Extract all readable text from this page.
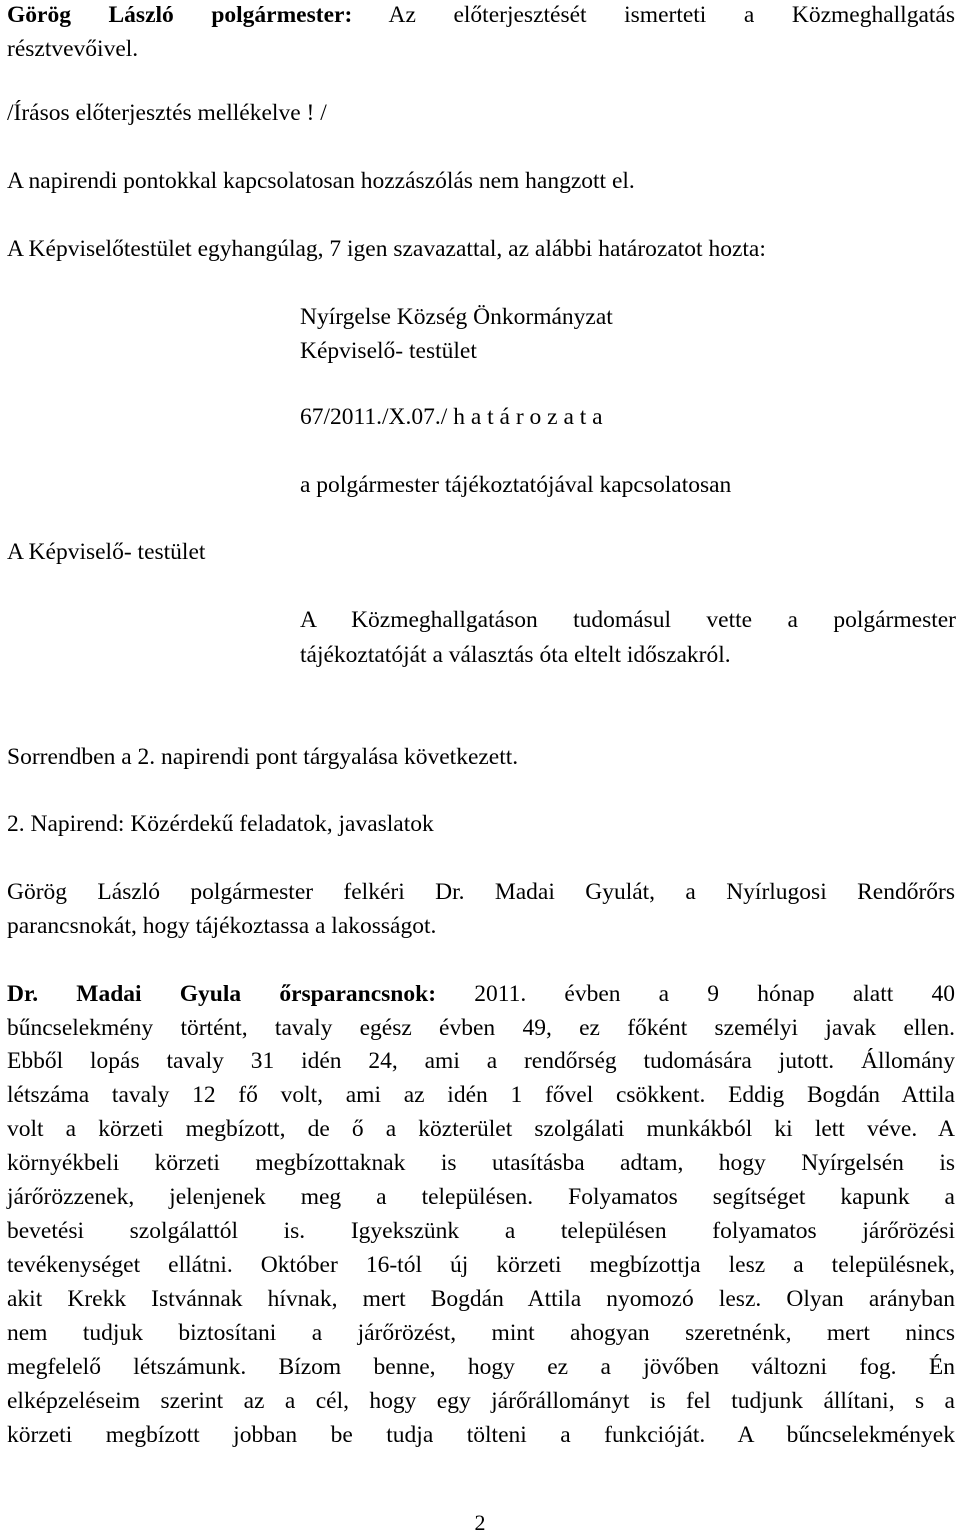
Görög László polgármester: Az előterjesztését ismerteti a Közmeghallgatás
résztvevőivel.
/Írásos előterjesztés mellékelve ! /
A napirendi pontokkal kapcsolatosan hozzászólás nem hangzott el.
A Képviselőtestület egyhangúlag, 7 igen szavazattal, az alábbi határozatot hozta:
Nyírgelse Község Önkormányzat
Képviselő- testület
67/2011./X.07./ h a t á r o z a t a
a polgármester tájékoztatójával kapcsolatosan
A Képviselő- testület
A Közmeghallgatáson tudomásul vette a polgármester
tájékoztatóját a választás óta eltelt időszakról.
Sorrendben a 2. napirendi pont tárgyalása következett.
2. Napirend: Közérdekű feladatok, javaslatok
Görög László polgármester felkéri Dr. Madai Gyulát, a Nyírlugosi Rendőrőrs
parancsnokát, hogy tájékoztassa a lakosságot.
Dr. Madai Gyula őrsparancsnok: 2011. évben a 9 hónap alatt 40
bűncselekmény történt, tavaly egész évben 49, ez főként személyi javak ellen.
Ebből lopás tavaly 31 idén 24, ami a rendőrség tudomására jutott. Állomány
létszáma tavaly 12 fő volt, ami az idén 1 fővel csökkent. Eddig Bogdán Attila
volt a körzeti megbízott, de ő a közterület szolgálati munkákból ki lett véve. A
környékbeli körzeti megbízottaknak is utasításba adtam, hogy Nyírgelsén is
járőrözzenek, jelenjenek meg a településen. Folyamatos segítséget kapunk a
bevetési szolgálattól is. Igyekszünk a településen folyamatos járőrözési
tevékenységet ellátni. Október 16-tól új körzeti megbízottja lesz a településnek,
akit Krekk Istvánnak hívnak, mert Bogdán Attila nyomozó lesz. Olyan arányban
nem tudjuk biztosítani a járőrözést, mint ahogyan szeretnénk, mert nincs
megfelelő létszámunk. Bízom benne, hogy ez a jövőben változni fog. Én
elképzeléseim szerint az a cél, hogy egy járőrállományt is fel tudjunk állítani, s a
körzeti megbízott jobban be tudja tölteni a funkcióját. A bűncselekmények
2
